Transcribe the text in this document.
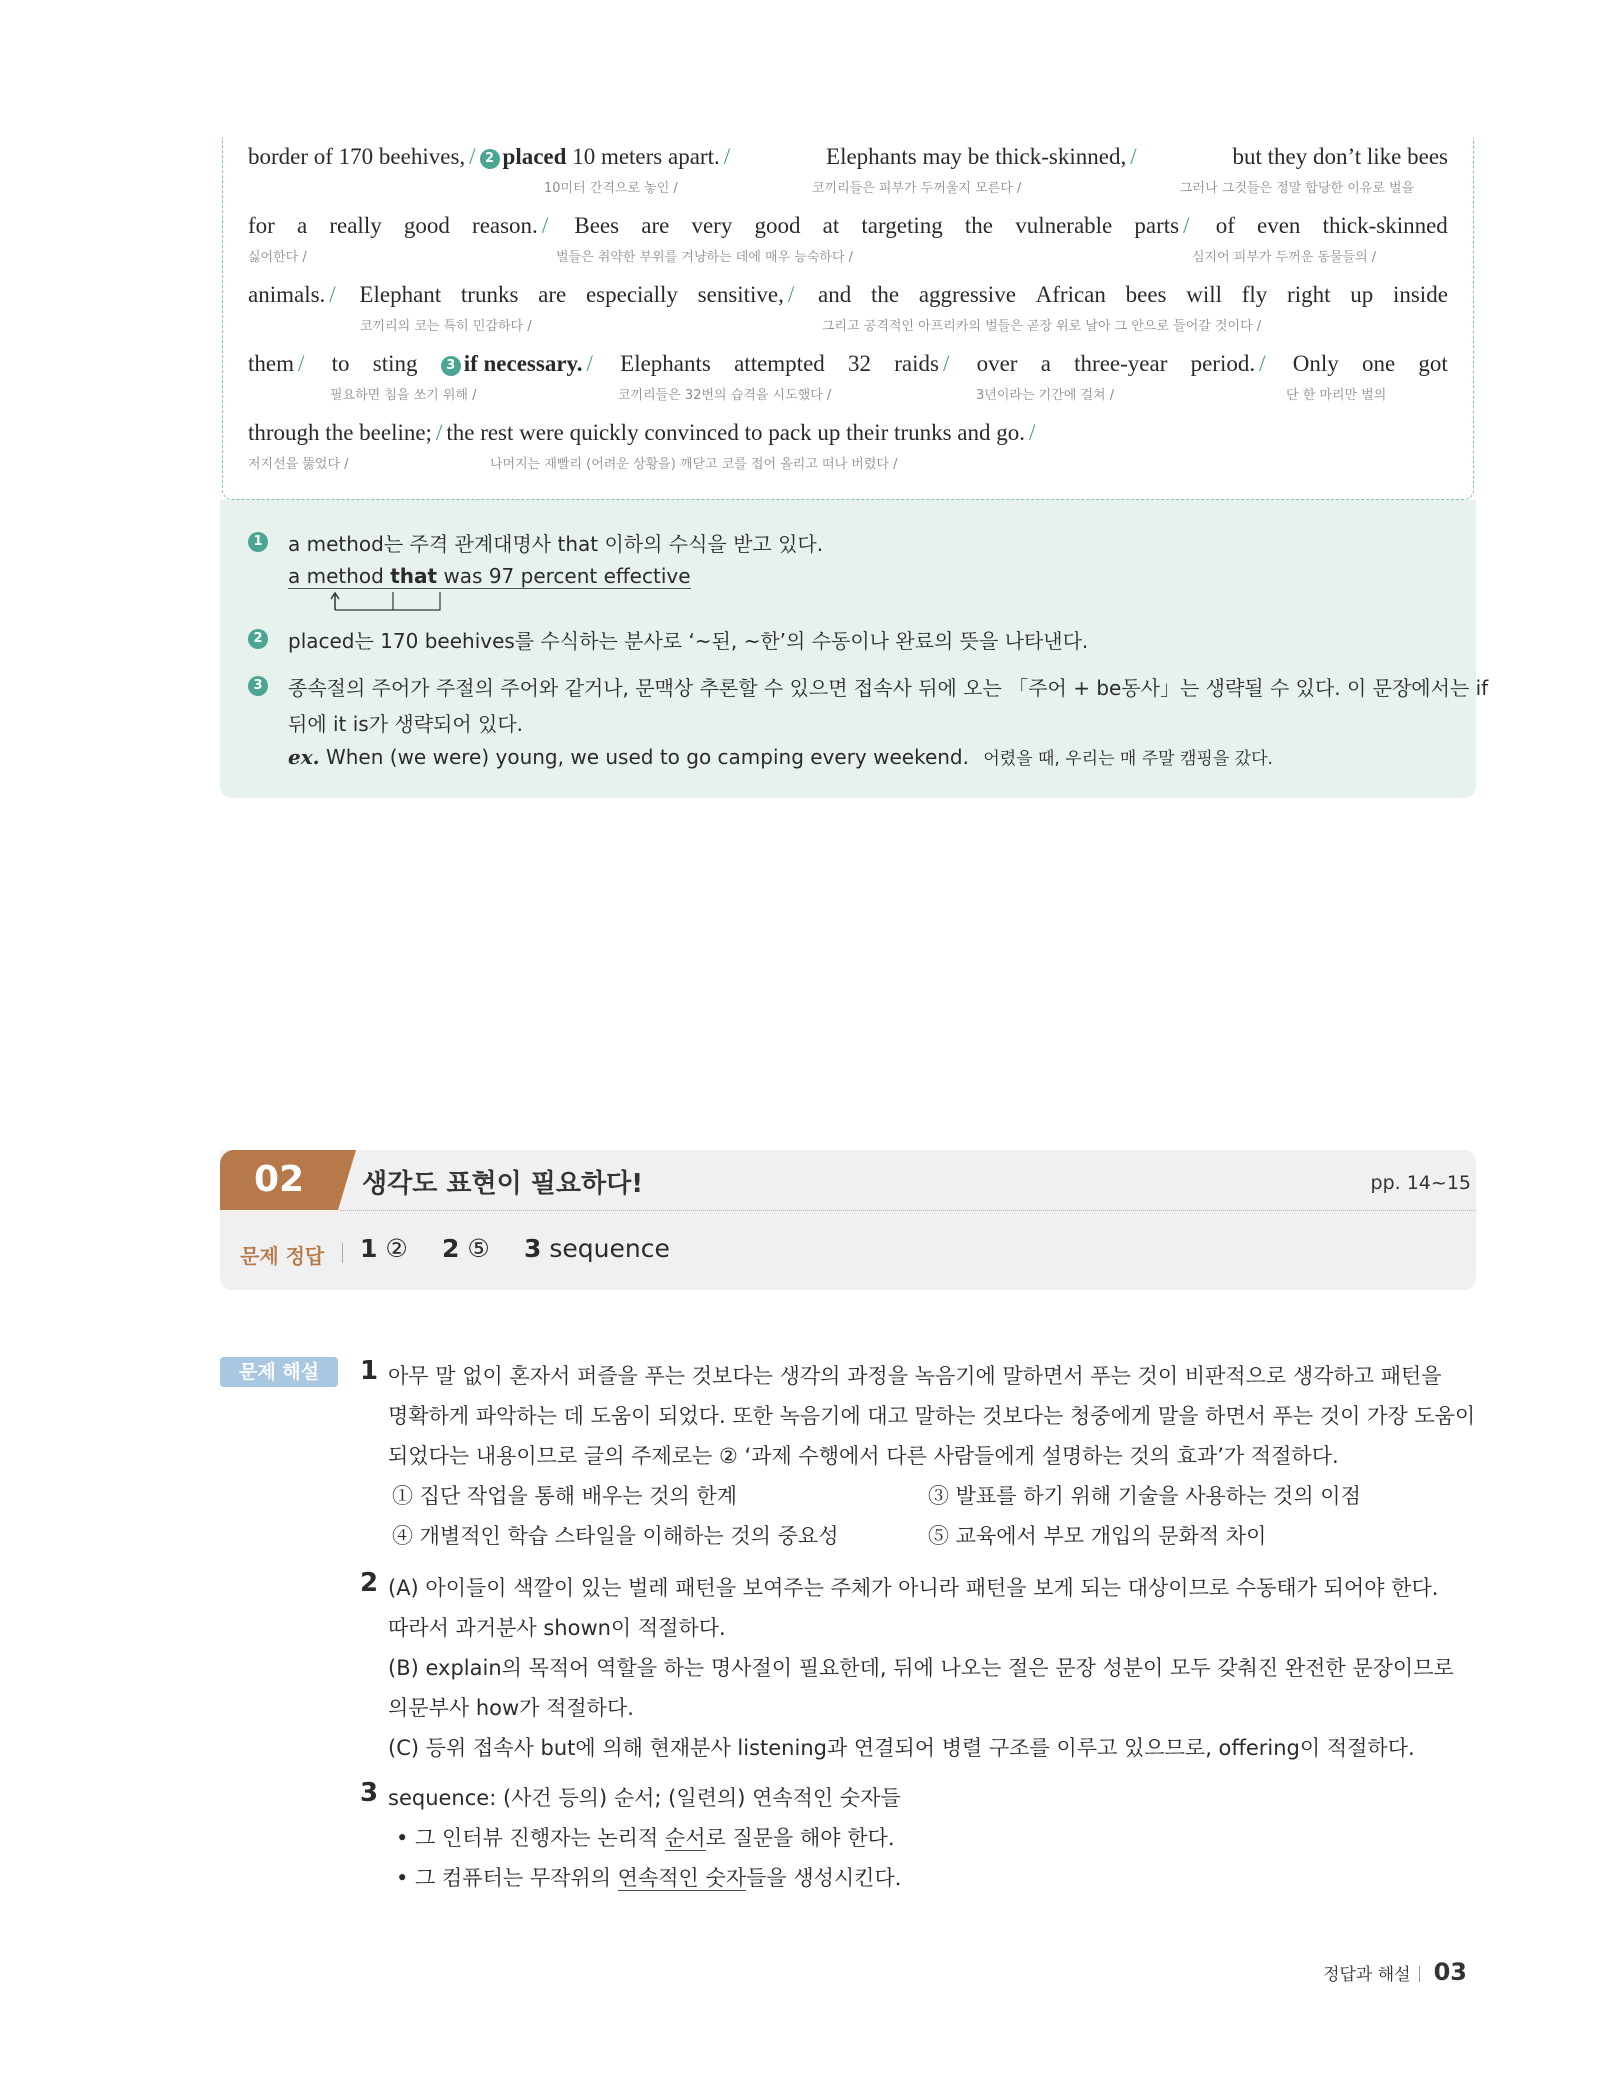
border of 170 beehives, / 2 placed 10 meters apart. /	Elephants may be thick-skinned, /	but they don’t like bees
10미터 간격으로 놓인 /	코끼리들은 피부가 두꺼울지 모른다 /	그러나 그것들은 정말 합당한 이유로 벌을
for a really good reason. / Bees are very good at targeting the vulnerable parts / of even thick-skinned
싫어한다 /	벌들은 취약한 부위를 겨냥하는 데에 매우 능숙하다 /	심지어 피부가 두꺼운 동물들의 /
animals. / Elephant trunks are especially sensitive, / and the aggressive African bees will fly right up inside
코끼리의 코는 특히 민감하다 /	그리고 공격적인 아프리카의 벌들은 곧장 위로 날아 그 안으로 들어갈 것이다 /
them / to sting	3 if necessary. / Elephants attempted 32 raids / over a three-year period. / Only one got
필요하면 침을 쏘기 위해 /	코끼리들은 32번의 습격을 시도했다 /	3년이라는 기간에 걸쳐 /	단 한 마리만 벌의
through the beeline; / the rest were quickly convinced to pack up their trunks and go. /
저지선을 뚫었다 /	나머지는 재빨리 (어려운 상황을) 깨닫고 코를 접어 올리고 떠나 버렸다 /
1 a method는 주격 관계대명사 that 이하의 수식을 받고 있다.
a method that was 97 percent effective
2 placed는 170 beehives를 수식하는 분사로 ‘~된, ~한’의 수동이나 완료의 뜻을 나타낸다.
3 종속절의 주어가 주절의 주어와 같거나, 문맥상 추론할 수 있으면 접속사 뒤에 오는 「주어 + be동사」는 생략될 수 있다. 이 문장에서는 if
뒤에 it is가 생략되어 있다.
ex. When (we were) young, we used to go camping every weekend. 어렸을 때, 우리는 매 주말 캠핑을 갔다.
02	생각도 표현이 필요하다!	pp. 14~15
문제 정답 1 ② 2 ⑤ 3 sequence
문제 해설	1 아무 말 없이 혼자서 퍼즐을 푸는 것보다는 생각의 과정을 녹음기에 말하면서 푸는 것이 비판적으로 생각하고 패턴을
명확하게 파악하는 데 도움이 되었다. 또한 녹음기에 대고 말하는 것보다는 청중에게 말을 하면서 푸는 것이 가장 도움이
되었다는 내용이므로 글의 주제로는 ② ‘과제 수행에서 다른 사람들에게 설명하는 것의 효과’가 적절하다.
① 집단 작업을 통해 배우는 것의 한계	③ 발표를 하기 위해 기술을 사용하는 것의 이점
④ 개별적인 학습 스타일을 이해하는 것의 중요성	⑤ 교육에서 부모 개입의 문화적 차이
2 (A) 아이들이 색깔이 있는 벌레 패턴을 보여주는 주체가 아니라 패턴을 보게 되는 대상이므로 수동태가 되어야 한다.
따라서 과거분사 shown이 적절하다.
(B) explain의 목적어 역할을 하는 명사절이 필요한데, 뒤에 나오는 절은 문장 성분이 모두 갖춰진 완전한 문장이므로
의문부사 how가 적절하다.
(C) 등위 접속사 but에 의해 현재분사 listening과 연결되어 병렬 구조를 이루고 있으므로, offering이 적절하다.
3 sequence: (사건 등의) 순서; (일련의) 연속적인 숫자들
• 그 인터뷰 진행자는 논리적 순서로 질문을 해야 한다.
• 그 컴퓨터는 무작위의 연속적인 숫자들을 생성시킨다.
정답과 해설 03
